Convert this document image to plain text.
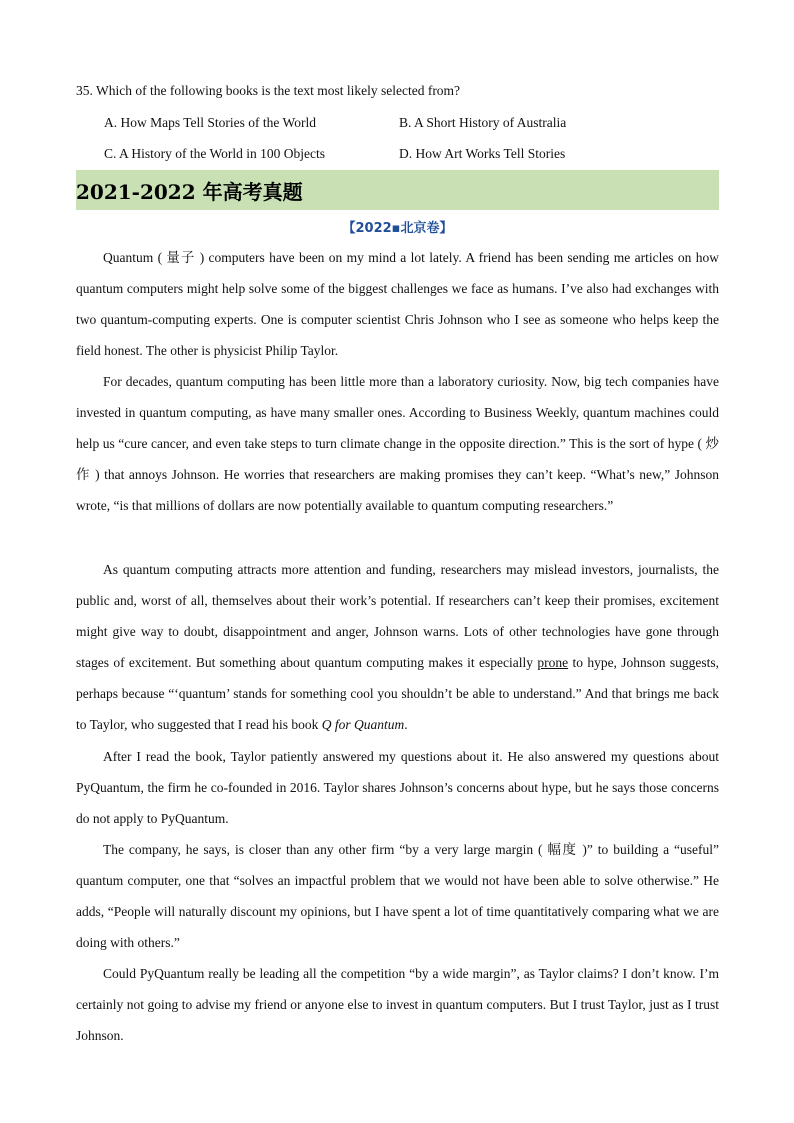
35. Which of the following books is the text most likely selected from?
A. How Maps Tell Stories of the World	B. A Short History of Australia
C. A History of the World in 100 Objects	D. How Art Works Tell Stories
2021-2022 年高考真题
【2022▪北京卷】

Quantum ( 量子 ) computers have been on my mind a lot lately. A friend has been sending me articles on how quantum computers might help solve some of the biggest challenges we face as humans. I’ve also had exchanges with two quantum-computing experts. One is computer scientist Chris Johnson who I see as someone who helps keep the field honest. The other is physicist Philip Taylor.

For decades, quantum computing has been little more than a laboratory curiosity. Now, big tech companies have invested in quantum computing, as have many smaller ones. According to Business Weekly, quantum machines could help us “cure cancer, and even take steps to turn climate change in the opposite direction.” This is the sort of hype ( 炒作 ) that annoys Johnson. He worries that researchers are making promises they can’t keep. “What’s new,” Johnson wrote, “is that millions of dollars are now potentially available to quantum computing researchers.”

As quantum computing attracts more attention and funding, researchers may mislead investors, journalists, the public and, worst of all, themselves about their work’s potential. If researchers can’t keep their promises, excitement might give way to doubt, disappointment and anger, Johnson warns. Lots of other technologies have gone through stages of excitement. But something about quantum computing makes it especially prone to hype, Johnson suggests, perhaps because “‘quantum’ stands for something cool you shouldn’t be able to understand.” And that brings me back to Taylor, who suggested that I read his book Q for Quantum.

After I read the book, Taylor patiently answered my questions about it. He also answered my questions about PyQuantum, the firm he co-founded in 2016. Taylor shares Johnson’s concerns about hype, but he says those concerns do not apply to PyQuantum.

The company, he says, is closer than any other firm “by a very large margin ( 幅度 )” to building a “useful” quantum computer, one that “solves an impactful problem that we would not have been able to solve otherwise.” He adds, “People will naturally discount my opinions, but I have spent a lot of time quantitatively comparing what we are doing with others.”

Could PyQuantum really be leading all the competition “by a wide margin”, as Taylor claims? I don’t know. I’m certainly not going to advise my friend or anyone else to invest in quantum computers. But I trust Taylor, just as I trust Johnson.
